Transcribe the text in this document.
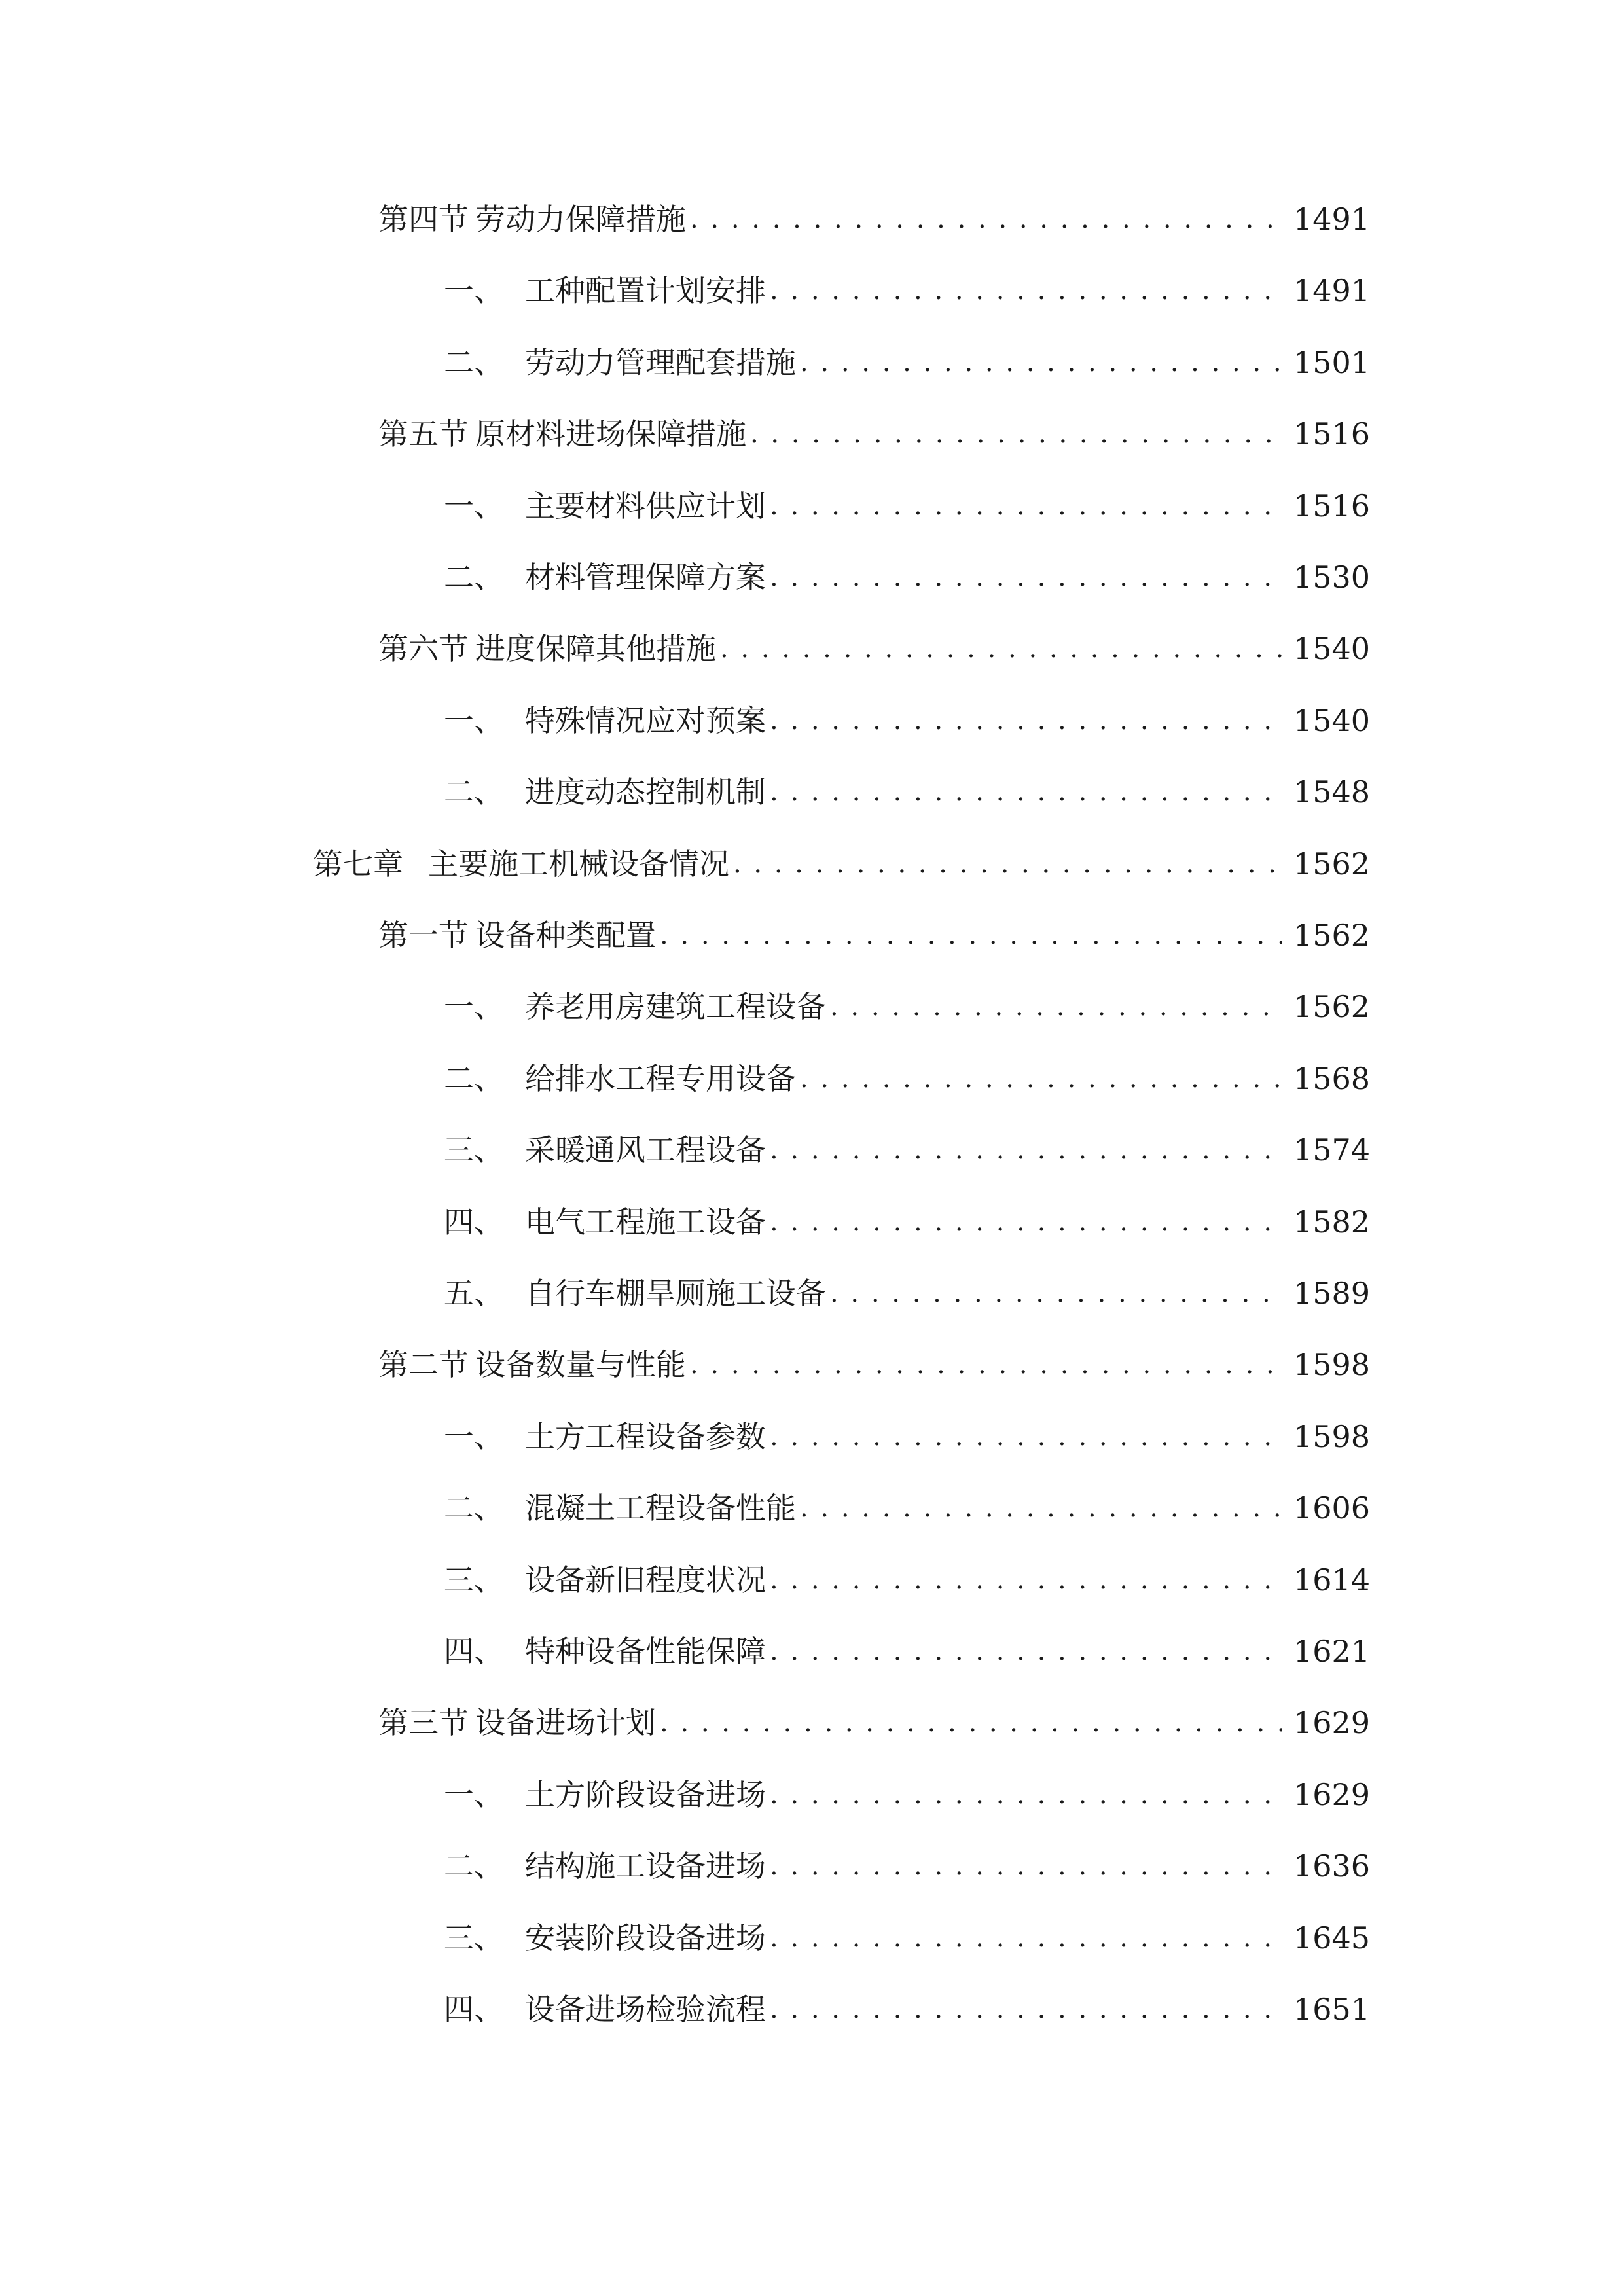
第四节 劳动力保障措施 . . .	1491
一、 工种配置计划安排 . . .	1491
二、 劳动力管理配套措施 . . .	1501
第五节 原材料进场保障措施 . . .	1516
一、 主要材料供应计划 . . .	1516
二、 材料管理保障方案 . . .	1530
第六节 进度保障其他措施 . . .	1540
一、 特殊情况应对预案 . . .	1540
二、 进度动态控制机制 . . .	1548
第七章 主要施工机械设备情况 . . .	1562
第一节 设备种类配置 . . .	1562
一、 养老用房建筑工程设备 . . .	1562
二、 给排水工程专用设备 . . .	1568
三、 采暖通风工程设备 . . .	1574
四、 电气工程施工设备 . . .	1582
五、 自行车棚旱厕施工设备 . . .	1589
第二节 设备数量与性能 . . .	1598
一、 土方工程设备参数 . . .	1598
二、 混凝土工程设备性能 . . .	1606
三、 设备新旧程度状况 . . .	1614
四、 特种设备性能保障 . . .	1621
第三节 设备进场计划 . . .	1629
一、 土方阶段设备进场 . . .	1629
二、 结构施工设备进场 . . .	1636
三、 安装阶段设备进场 . . .	1645
四、 设备进场检验流程 . . .	1651
